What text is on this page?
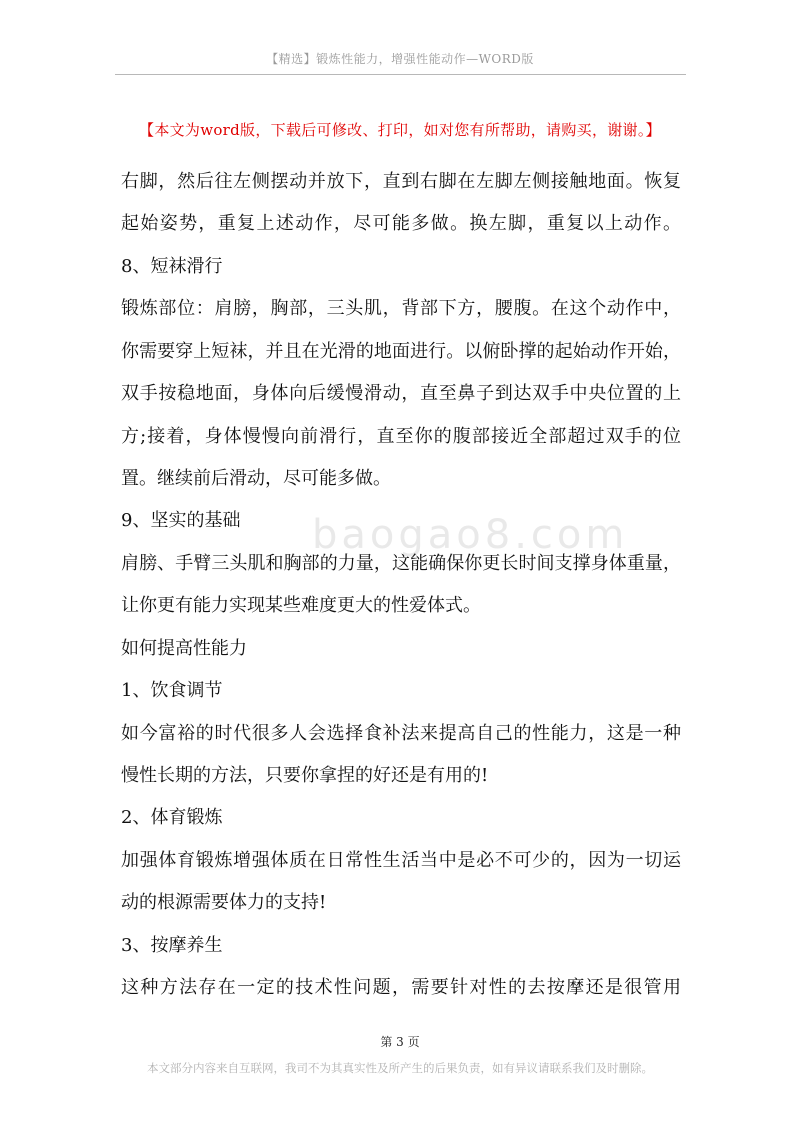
【精选】锻炼性能力，增强性能动作—WORD版
【本文为word版，下载后可修改、打印，如对您有所帮助，请购买，谢谢。】
baogao8.com
右脚，然后往左侧摆动并放下，直到右脚在左脚左侧接触地面。恢复
起始姿势，重复上述动作，尽可能多做。换左脚，重复以上动作。
8、短袜滑行
锻炼部位：肩膀，胸部，三头肌，背部下方，腰腹。在这个动作中，
你需要穿上短袜，并且在光滑的地面进行。以俯卧撑的起始动作开始，
双手按稳地面，身体向后缓慢滑动，直至鼻子到达双手中央位置的上
方;接着，身体慢慢向前滑行，直至你的腹部接近全部超过双手的位
置。继续前后滑动，尽可能多做。
9、坚实的基础
肩膀、手臂三头肌和胸部的力量，这能确保你更长时间支撑身体重量，
让你更有能力实现某些难度更大的性爱体式。
如何提高性能力
1、饮食调节
如今富裕的时代很多人会选择食补法来提高自己的性能力，这是一种
慢性长期的方法，只要你拿捏的好还是有用的!
2、体育锻炼
加强体育锻炼增强体质在日常性生活当中是必不可少的，因为一切运
动的根源需要体力的支持!
3、按摩养生
这种方法存在一定的技术性问题，需要针对性的去按摩还是很管用
第 3 页
本文部分内容来自互联网，我司不为其真实性及所产生的后果负责，如有异议请联系我们及时删除。
